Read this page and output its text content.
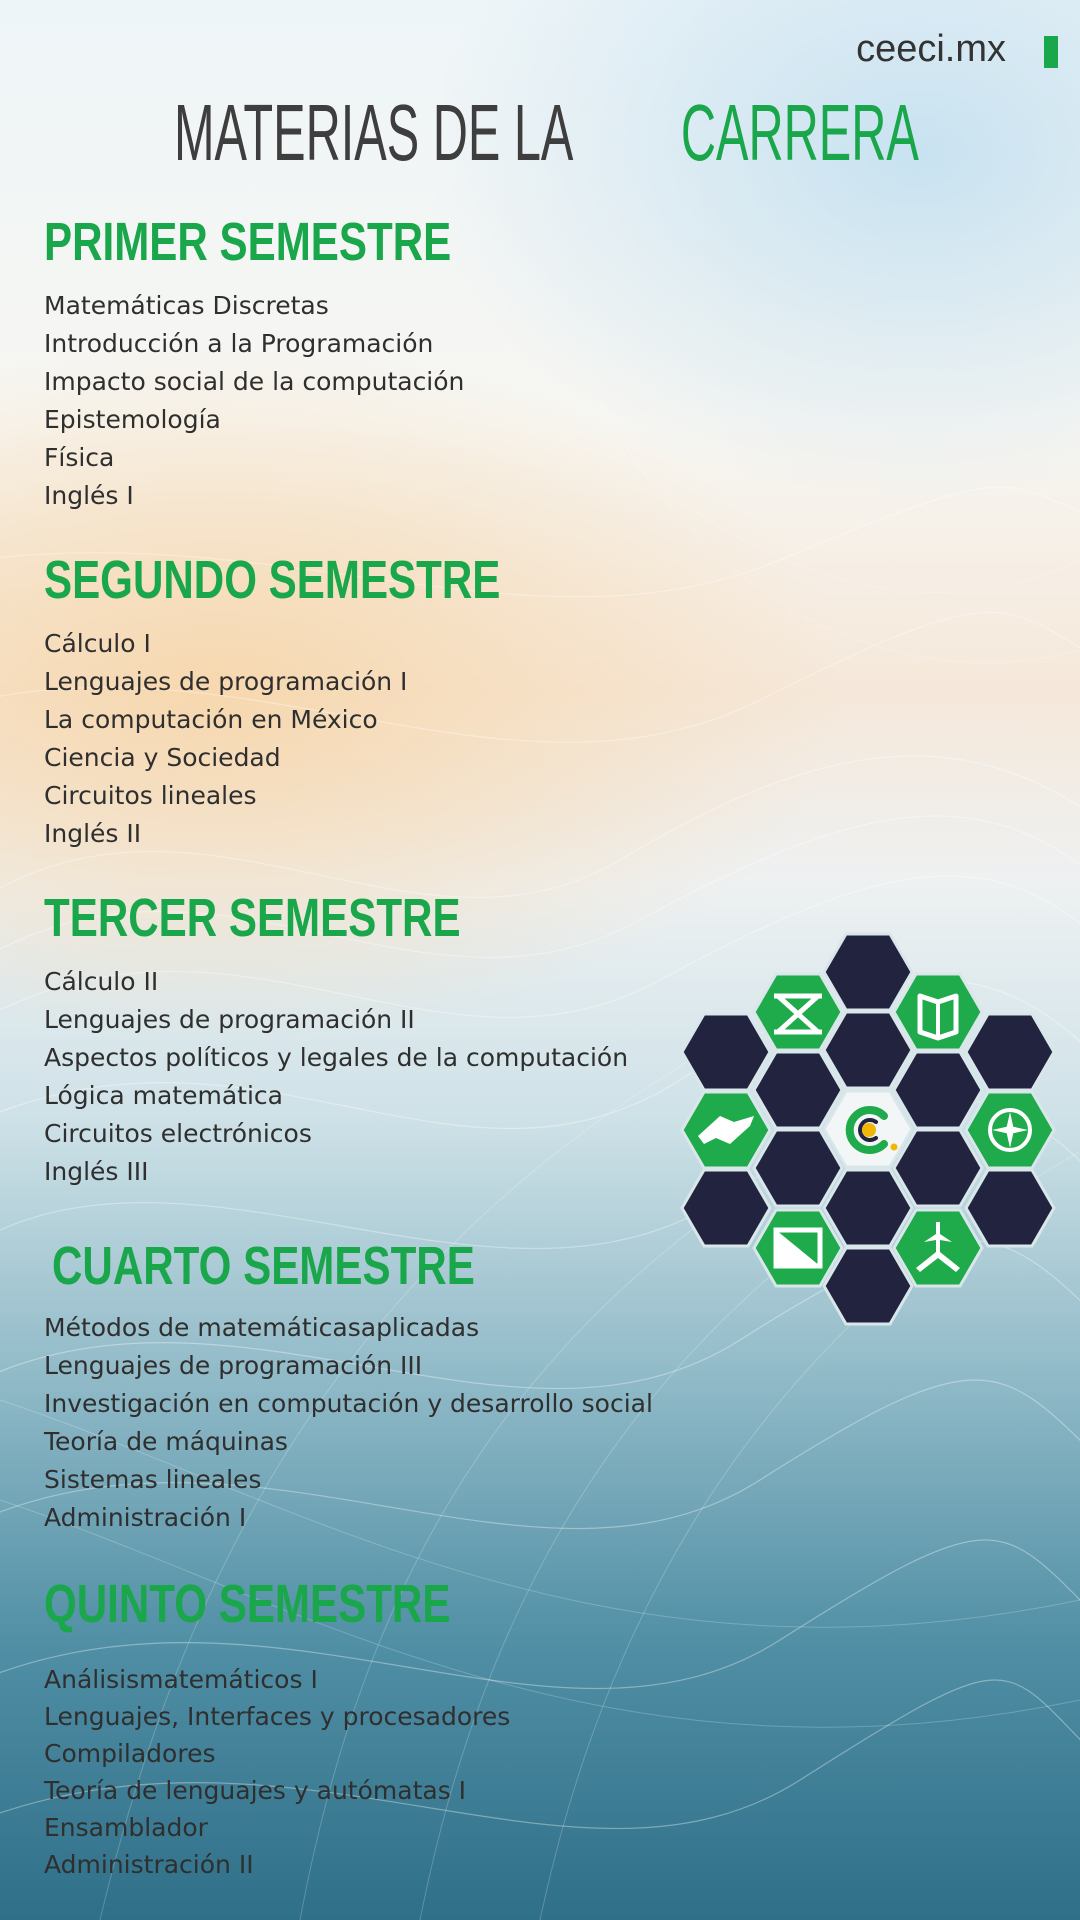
ceeci.mx
MATERIAS DE LA CARRERA
PRIMER SEMESTRE
Matemáticas Discretas
Introducción a la Programación
Impacto social de la computación
Epistemología
Física
Inglés I
SEGUNDO SEMESTRE
Cálculo I
Lenguajes de programación I
La computación en México
Ciencia y Sociedad
Circuitos lineales
Inglés II
TERCER SEMESTRE
Cálculo II
Lenguajes de programación II
Aspectos políticos y legales de la computación
Lógica matemática
Circuitos electrónicos
Inglés III
CUARTO SEMESTRE
Métodos de matemáticasaplicadas
Lenguajes de programación III
Investigación en computación y desarrollo social
Teoría de máquinas
Sistemas lineales
Administración I
QUINTO SEMESTRE
Análisismatemáticos I
Lenguajes, Interfaces y procesadores
Compiladores
Teoría de lenguajes y autómatas I
Ensamblador
Administración II
